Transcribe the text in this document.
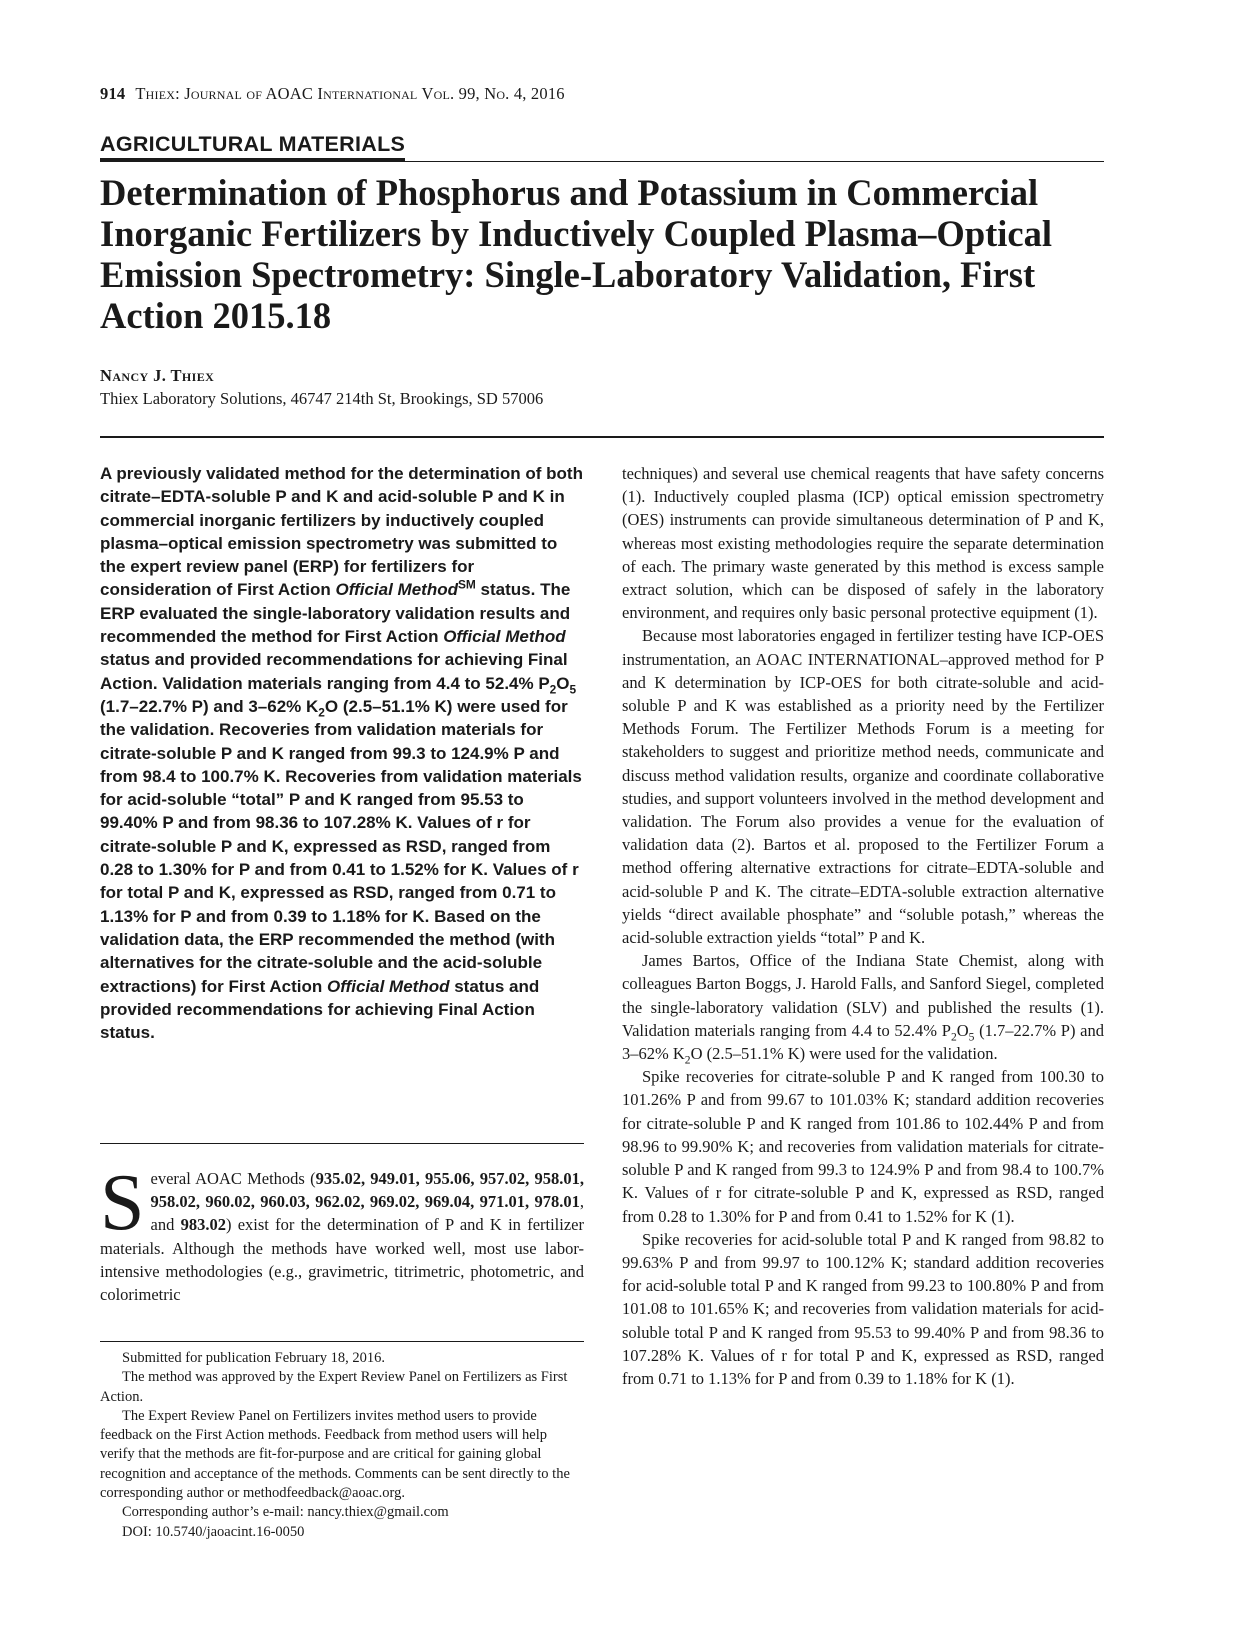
914 Thiex: Journal of AOAC International Vol. 99, No. 4, 2016
AGRICULTURAL MATERIALS
Determination of Phosphorus and Potassium in Commercial Inorganic Fertilizers by Inductively Coupled Plasma–Optical Emission Spectrometry: Single-Laboratory Validation, First Action 2015.18
Nancy J. Thiex
Thiex Laboratory Solutions, 46747 214th St, Brookings, SD 57006

A previously validated method for the determination of both citrate–EDTA-soluble P and K and acid-soluble P and K in commercial inorganic fertilizers by inductively coupled plasma–optical emission spectrometry was submitted to the expert review panel (ERP) for fertilizers for consideration of First Action Official Method℠ status. The ERP evaluated the single-laboratory validation results and recommended the method for First Action Official Method status and provided recommendations for achieving Final Action. Validation materials ranging from 4.4 to 52.4% $P_2O_5$ (1.7–22.7% P) and 3–62% $K_2O$ (2.5–51.1% K) were used for the validation. Recoveries from validation materials for citrate-soluble P and K ranged from 99.3 to 124.9% P and from 98.4 to 100.7% K. Recoveries from validation materials for acid-soluble “total” P and K ranged from 95.53 to 99.40% P and from 98.36 to 107.28% K. Values of r for citrate-soluble P and K, expressed as RSD, ranged from 0.28 to 1.30% for P and from 0.41 to 1.52% for K. Values of r for total P and K, expressed as RSD, ranged from 0.71 to 1.13% for P and from 0.39 to 1.18% for K. Based on the validation data, the ERP recommended the method (with alternatives for the citrate-soluble and the acid-soluble extractions) for First Action Official Method status and provided recommendations for achieving Final Action status.

Several AOAC Methods (935.02, 949.01, 955.06, 957.02, 958.01, 958.02, 960.02, 960.03, 962.02, 969.02, 969.04, 971.01, 978.01, and 983.02) exist for the determination of P and K in fertilizer materials. Although the methods have worked well, most use labor-intensive methodologies (e.g., gravimetric, titrimetric, photometric, and colorimetric

Submitted for publication February 18, 2016.

The method was approved by the Expert Review Panel on Fertilizers as First Action.

The Expert Review Panel on Fertilizers invites method users to provide feedback on the First Action methods. Feedback from method users will help verify that the methods are fit-for-purpose and are critical for gaining global recognition and acceptance of the methods. Comments can be sent directly to the corresponding author or methodfeedback@aoac.org.

Corresponding author’s e-mail: nancy.thiex@gmail.com

DOI: 10.5740/jaoacint.16-0050

techniques) and several use chemical reagents that have safety concerns (1). Inductively coupled plasma (ICP) optical emission spectrometry (OES) instruments can provide simultaneous determination of P and K, whereas most existing methodologies require the separate determination of each. The primary waste generated by this method is excess sample extract solution, which can be disposed of safely in the laboratory environment, and requires only basic personal protective equipment (1).

Because most laboratories engaged in fertilizer testing have ICP-OES instrumentation, an AOAC INTERNATIONAL–approved method for P and K determination by ICP-OES for both citrate-soluble and acid-soluble P and K was established as a priority need by the Fertilizer Methods Forum. The Fertilizer Methods Forum is a meeting for stakeholders to suggest and prioritize method needs, communicate and discuss method validation results, organize and coordinate collaborative studies, and support volunteers involved in the method development and validation. The Forum also provides a venue for the evaluation of validation data (2). Bartos et al. proposed to the Fertilizer Forum a method offering alternative extractions for citrate–EDTA-soluble and acid-soluble P and K. The citrate–EDTA-soluble extraction alternative yields “direct available phosphate” and “soluble potash,” whereas the acid-soluble extraction yields “total” P and K.

James Bartos, Office of the Indiana State Chemist, along with colleagues Barton Boggs, J. Harold Falls, and Sanford Siegel, completed the single-laboratory validation (SLV) and published the results (1). Validation materials ranging from 4.4 to 52.4% $P_2O_5$ (1.7–22.7% P) and 3–62% $K_2O$ (2.5–51.1% K) were used for the validation.

Spike recoveries for citrate-soluble P and K ranged from 100.30 to 101.26% P and from 99.67 to 101.03% K; standard addition recoveries for citrate-soluble P and K ranged from 101.86 to 102.44% P and from 98.96 to 99.90% K; and recoveries from validation materials for citrate-soluble P and K ranged from 99.3 to 124.9% P and from 98.4 to 100.7% K. Values of r for citrate-soluble P and K, expressed as RSD, ranged from 0.28 to 1.30% for P and from 0.41 to 1.52% for K (1).

Spike recoveries for acid-soluble total P and K ranged from 98.82 to 99.63% P and from 99.97 to 100.12% K; standard addition recoveries for acid-soluble total P and K ranged from 99.23 to 100.80% P and from 101.08 to 101.65% K; and recoveries from validation materials for acid-soluble total P and K ranged from 95.53 to 99.40% P and from 98.36 to 107.28% K. Values of r for total P and K, expressed as RSD, ranged from 0.71 to 1.13% for P and from 0.39 to 1.18% for K (1).
